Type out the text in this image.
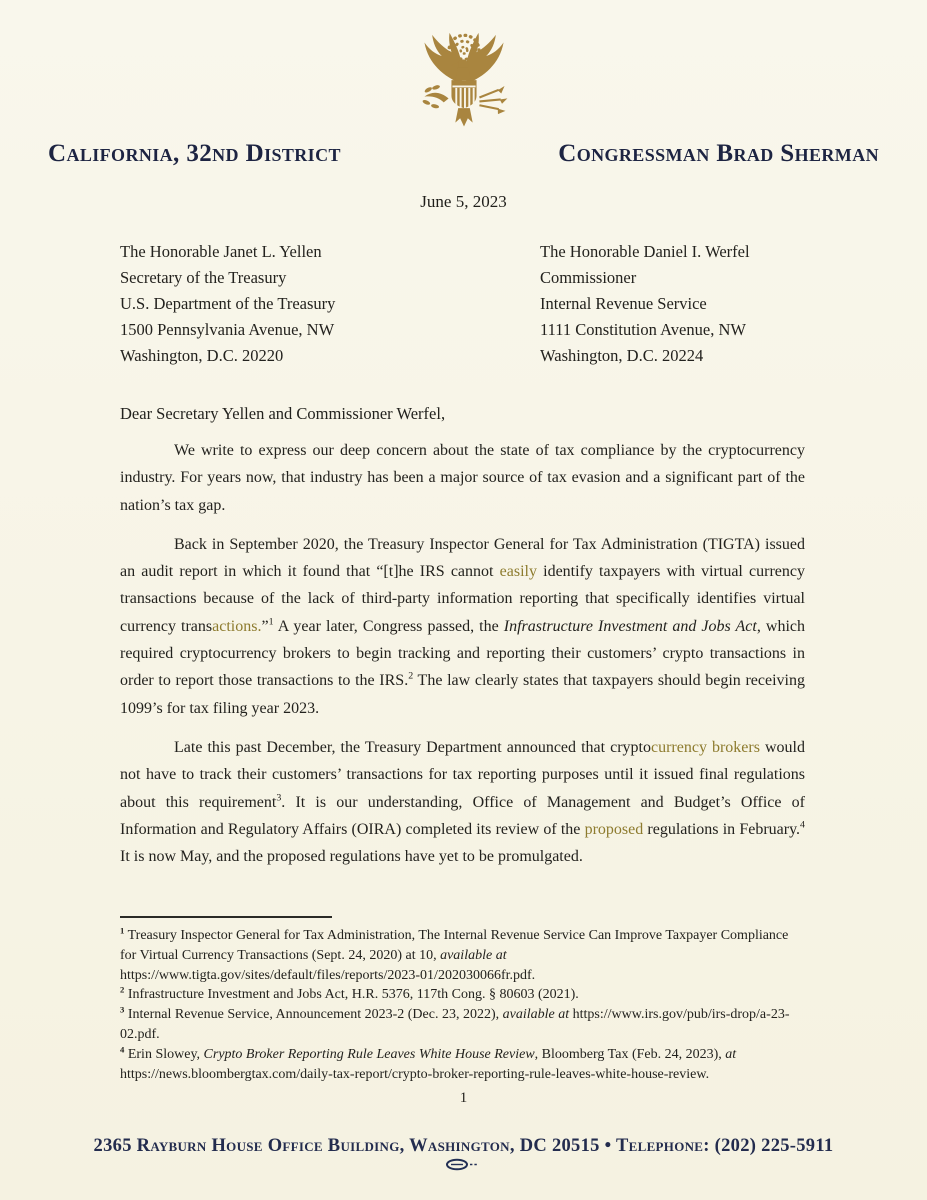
California, 32nd District	Congressman Brad Sherman
June 5, 2023
The Honorable Janet L. Yellen
Secretary of the Treasury
U.S. Department of the Treasury
1500 Pennsylvania Avenue, NW
Washington, D.C. 20220
The Honorable Daniel I. Werfel
Commissioner
Internal Revenue Service
1111 Constitution Avenue, NW
Washington, D.C. 20224
Dear Secretary Yellen and Commissioner Werfel,

We write to express our deep concern about the state of tax compliance by the cryptocurrency industry. For years now, that industry has been a major source of tax evasion and a significant part of the nation’s tax gap.

Back in September 2020, the Treasury Inspector General for Tax Administration (TIGTA) issued an audit report in which it found that “[t]he IRS cannot easily identify taxpayers with virtual currency transactions because of the lack of third-party information reporting that specifically identifies virtual currency transactions.”$^1$ A year later, Congress passed, the Infrastructure Investment and Jobs Act, which required cryptocurrency brokers to begin tracking and reporting their customers’ crypto transactions in order to report those transactions to the IRS.$^2$ The law clearly states that taxpayers should begin receiving 1099’s for tax filing year 2023.

Late this past December, the Treasury Department announced that cryptocurrency brokers would not have to track their customers’ transactions for tax reporting purposes until it issued final regulations about this requirement$^3$. It is our understanding, Office of Management and Budget’s Office of Information and Regulatory Affairs (OIRA) completed its review of the proposed regulations in February.$^4$ It is now May, and the proposed regulations have yet to be promulgated.

$^1$ Treasury Inspector General for Tax Administration, The Internal Revenue Service Can Improve Taxpayer Compliance for Virtual Currency Transactions (Sept. 24, 2020) at 10, available at https://www.tigta.gov/sites/default/files/reports/2023-01/202030066fr.pdf.
$^2$ Infrastructure Investment and Jobs Act, H.R. 5376, 117th Cong. § 80603 (2021).
$^3$ Internal Revenue Service, Announcement 2023-2 (Dec. 23, 2022), available at https://www.irs.gov/pub/irs-drop/a-23-02.pdf.
$^4$ Erin Slowey, Crypto Broker Reporting Rule Leaves White House Review, Bloomberg Tax (Feb. 24, 2023), at https://news.bloombergtax.com/daily-tax-report/crypto-broker-reporting-rule-leaves-white-house-review.
1
2365 Rayburn House Office Building, Washington, DC 20515 • Telephone: (202) 225-5911
